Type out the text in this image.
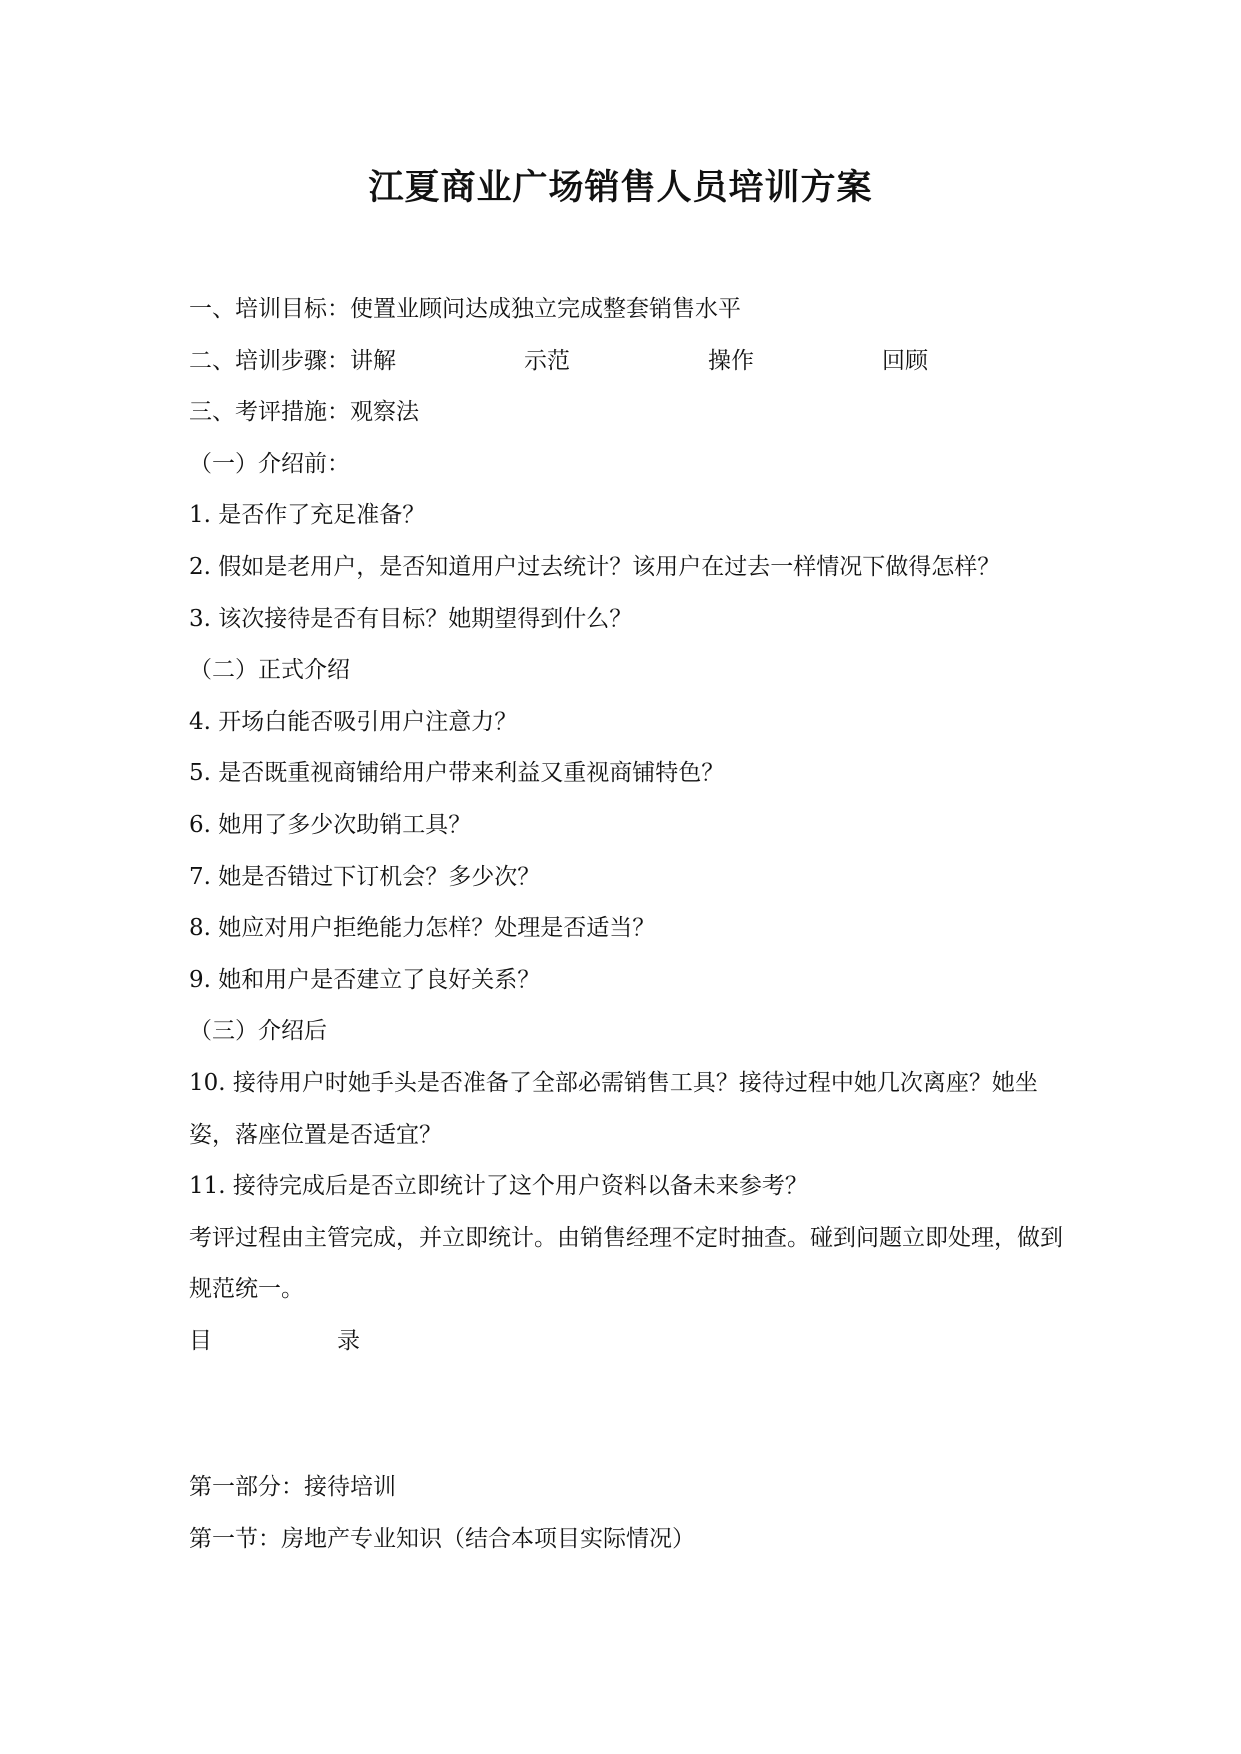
江夏商业广场销售人员培训方案
一、培训目标：使置业顾问达成独立完成整套销售水平
二、培训步骤：讲解	示范	操作	回顾
三、考评措施：观察法
（一）介绍前：
1. 是否作了充足准备？
2. 假如是老用户，是否知道用户过去统计？该用户在过去一样情况下做得怎样？
3. 该次接待是否有目标？她期望得到什么？
（二）正式介绍
4. 开场白能否吸引用户注意力？
5. 是否既重视商铺给用户带来利益又重视商铺特色？
6. 她用了多少次助销工具？
7. 她是否错过下订机会？多少次？
8. 她应对用户拒绝能力怎样？处理是否适当？
9. 她和用户是否建立了良好关系？
（三）介绍后
10. 接待用户时她手头是否准备了全部必需销售工具？接待过程中她几次离座？她坐姿，落座位置是否适宜？
11. 接待完成后是否立即统计了这个用户资料以备未来参考？
考评过程由主管完成，并立即统计。由销售经理不定时抽查。碰到问题立即处理，做到规范统一。
目	录
第一部分：接待培训
第一节：房地产专业知识（结合本项目实际情况）
